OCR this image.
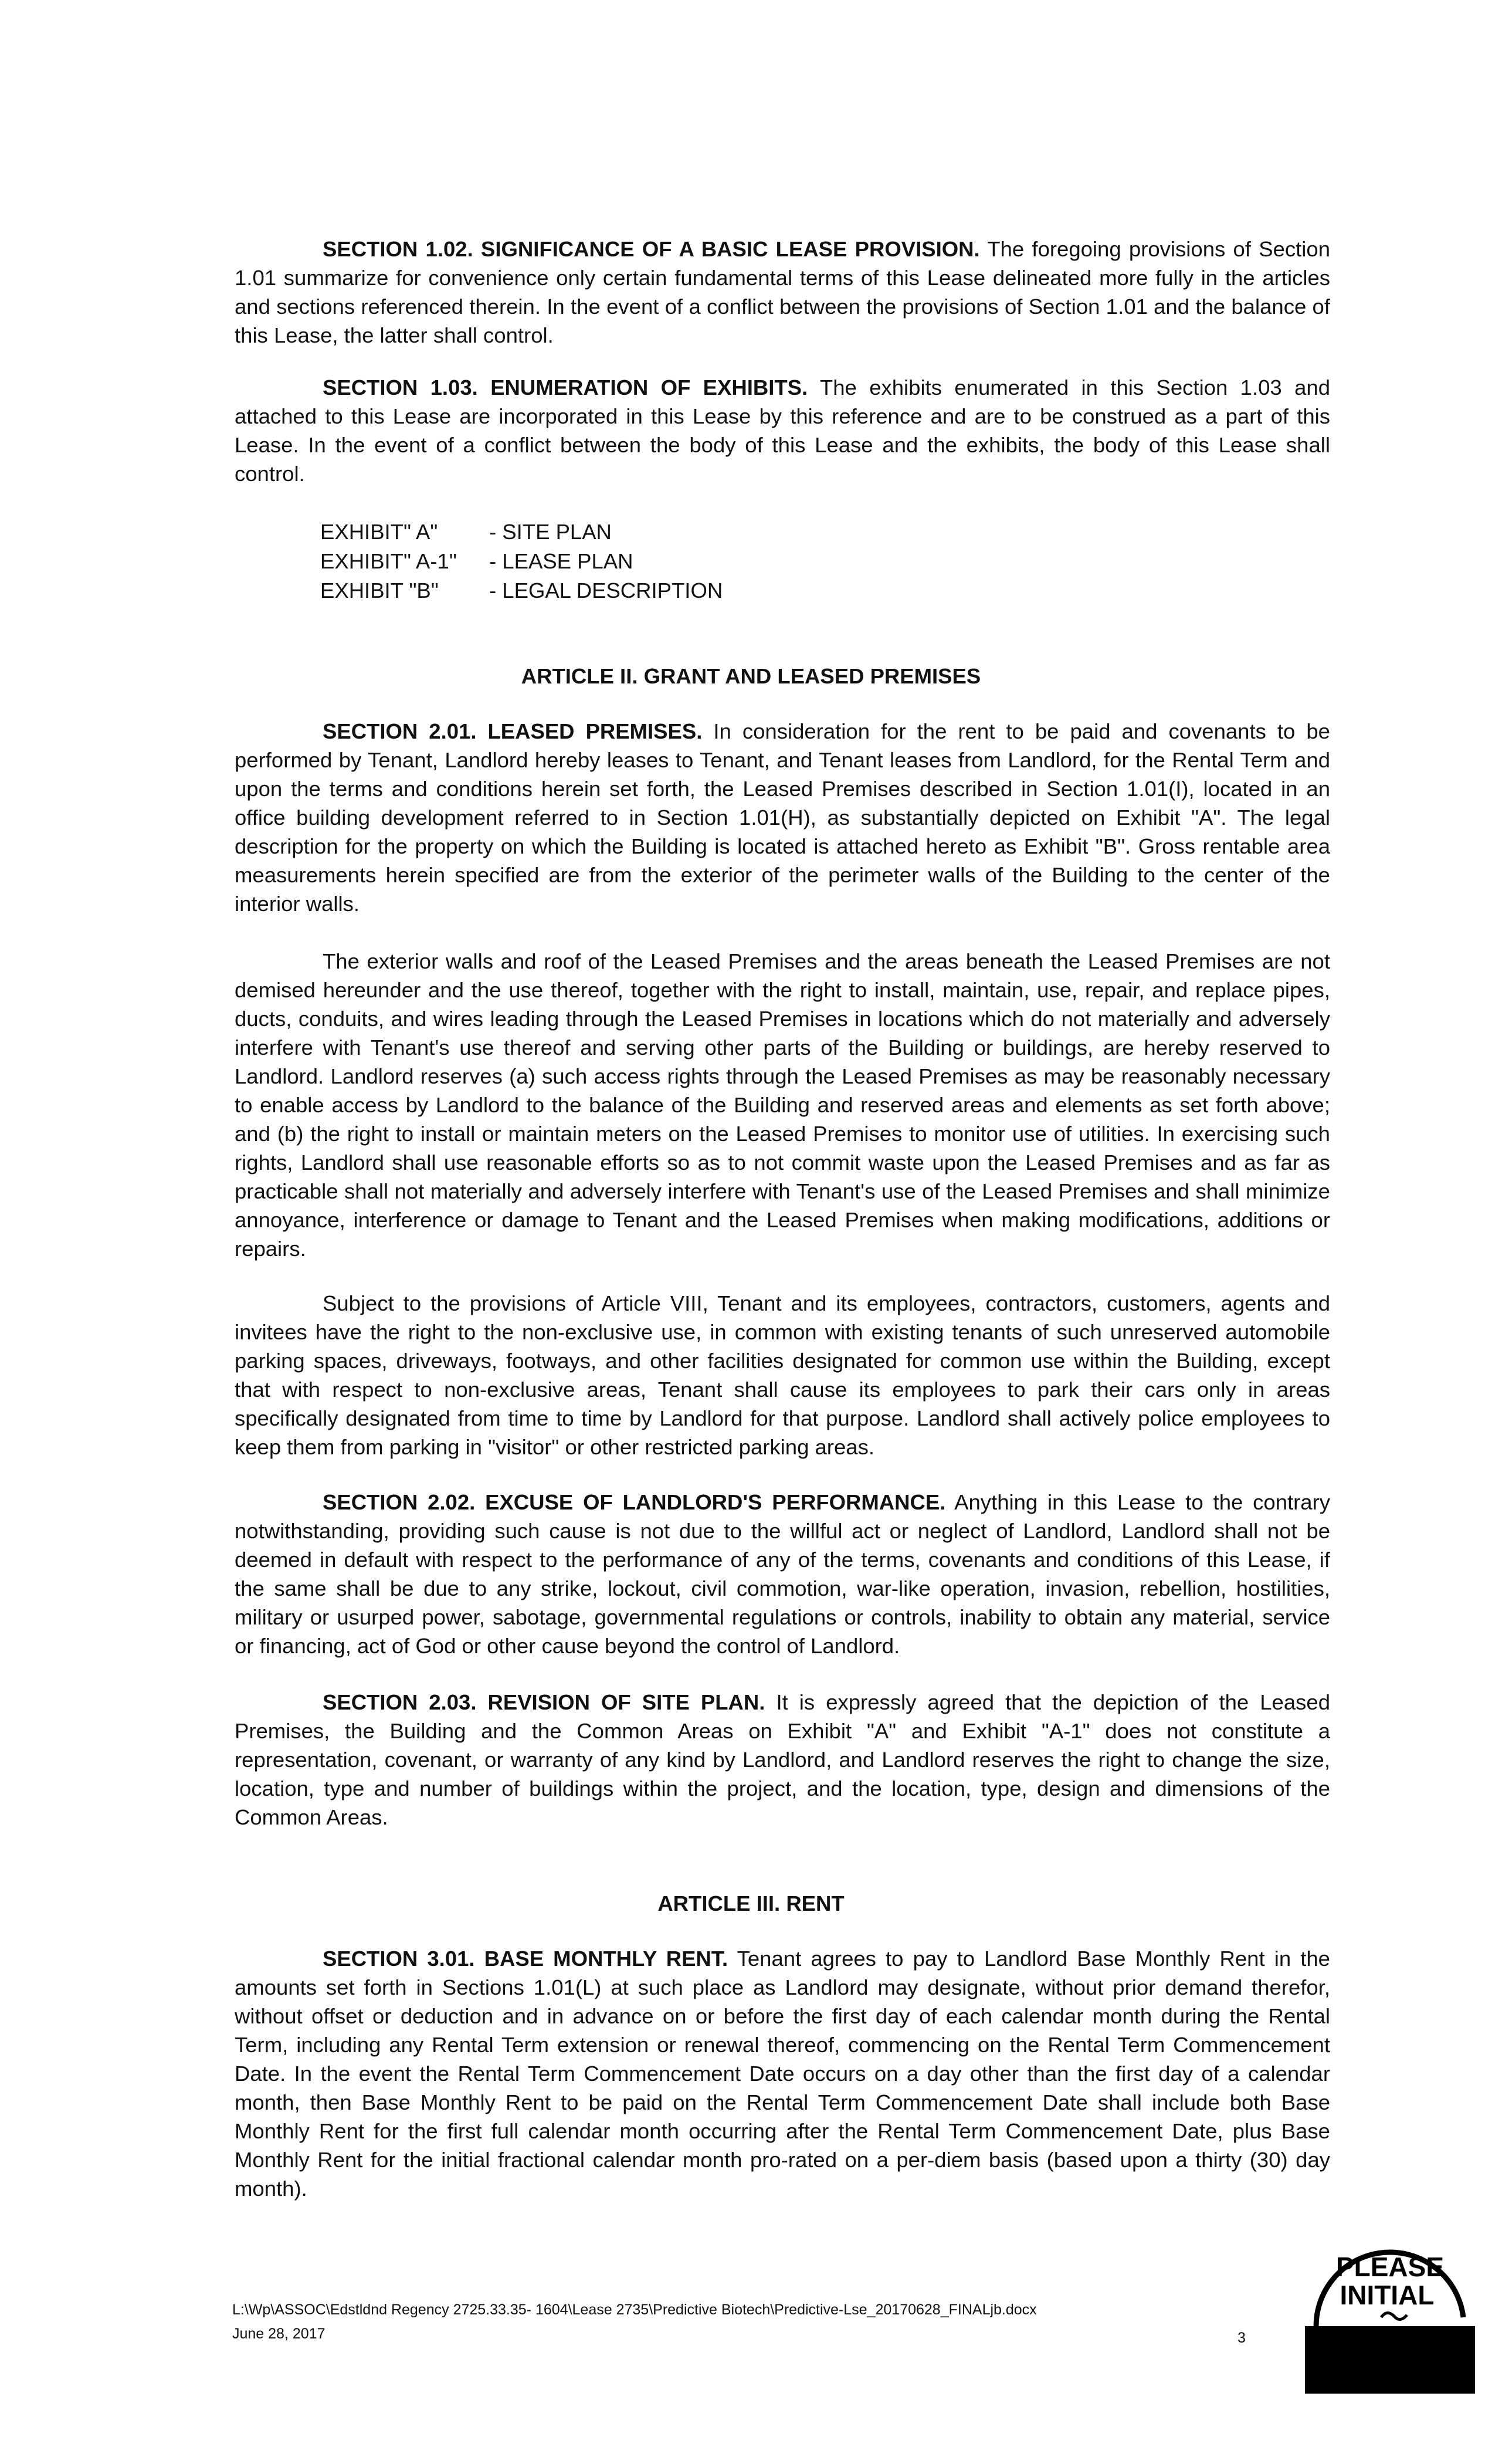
SECTION 1.02. SIGNIFICANCE OF A BASIC LEASE PROVISION. The foregoing provisions of Section 1.01 summarize for convenience only certain fundamental terms of this Lease delineated more fully in the articles and sections referenced therein. In the event of a conflict between the provisions of Section 1.01 and the balance of this Lease, the latter shall control.

SECTION 1.03. ENUMERATION OF EXHIBITS. The exhibits enumerated in this Section 1.03 and attached to this Lease are incorporated in this Lease by this reference and are to be construed as a part of this Lease. In the event of a conflict between the body of this Lease and the exhibits, the body of this Lease shall control.

EXHIBIT" A" - SITE PLAN
EXHIBIT" A-1" - LEASE PLAN
EXHIBIT "B" - LEGAL DESCRIPTION
ARTICLE II. GRANT AND LEASED PREMISES

SECTION 2.01. LEASED PREMISES. In consideration for the rent to be paid and covenants to be performed by Tenant, Landlord hereby leases to Tenant, and Tenant leases from Landlord, for the Rental Term and upon the terms and conditions herein set forth, the Leased Premises described in Section 1.01(I), located in an office building development referred to in Section 1.01(H), as substantially depicted on Exhibit "A". The legal description for the property on which the Building is located is attached hereto as Exhibit "B". Gross rentable area measurements herein specified are from the exterior of the perimeter walls of the Building to the center of the interior walls.

The exterior walls and roof of the Leased Premises and the areas beneath the Leased Premises are not demised hereunder and the use thereof, together with the right to install, maintain, use, repair, and replace pipes, ducts, conduits, and wires leading through the Leased Premises in locations which do not materially and adversely interfere with Tenant's use thereof and serving other parts of the Building or buildings, are hereby reserved to Landlord. Landlord reserves (a) such access rights through the Leased Premises as may be reasonably necessary to enable access by Landlord to the balance of the Building and reserved areas and elements as set forth above; and (b) the right to install or maintain meters on the Leased Premises to monitor use of utilities. In exercising such rights, Landlord shall use reasonable efforts so as to not commit waste upon the Leased Premises and as far as practicable shall not materially and adversely interfere with Tenant's use of the Leased Premises and shall minimize annoyance, interference or damage to Tenant and the Leased Premises when making modifications, additions or repairs.

Subject to the provisions of Article VIII, Tenant and its employees, contractors, customers, agents and invitees have the right to the non-exclusive use, in common with existing tenants of such unreserved automobile parking spaces, driveways, footways, and other facilities designated for common use within the Building, except that with respect to non-exclusive areas, Tenant shall cause its employees to park their cars only in areas specifically designated from time to time by Landlord for that purpose. Landlord shall actively police employees to keep them from parking in "visitor" or other restricted parking areas.

SECTION 2.02. EXCUSE OF LANDLORD'S PERFORMANCE. Anything in this Lease to the contrary notwithstanding, providing such cause is not due to the willful act or neglect of Landlord, Landlord shall not be deemed in default with respect to the performance of any of the terms, covenants and conditions of this Lease, if the same shall be due to any strike, lockout, civil commotion, war-like operation, invasion, rebellion, hostilities, military or usurped power, sabotage, governmental regulations or controls, inability to obtain any material, service or financing, act of God or other cause beyond the control of Landlord.

SECTION 2.03. REVISION OF SITE PLAN. It is expressly agreed that the depiction of the Leased Premises, the Building and the Common Areas on Exhibit "A" and Exhibit "A-1" does not constitute a representation, covenant, or warranty of any kind by Landlord, and Landlord reserves the right to change the size, location, type and number of buildings within the project, and the location, type, design and dimensions of the Common Areas.

ARTICLE III. RENT

SECTION 3.01. BASE MONTHLY RENT. Tenant agrees to pay to Landlord Base Monthly Rent in the amounts set forth in Sections 1.01(L) at such place as Landlord may designate, without prior demand therefor, without offset or deduction and in advance on or before the first day of each calendar month during the Rental Term, including any Rental Term extension or renewal thereof, commencing on the Rental Term Commencement Date. In the event the Rental Term Commencement Date occurs on a day other than the first day of a calendar month, then Base Monthly Rent to be paid on the Rental Term Commencement Date shall include both Base Monthly Rent for the first full calendar month occurring after the Rental Term Commencement Date, plus Base Monthly Rent for the initial fractional calendar month pro-rated on a per-diem basis (based upon a thirty (30) day month).

L:\Wp\ASSOC\Edstldnd Regency 2725.33.35- 1604\Lease 2735\Predictive Biotech\Predictive-Lse_20170628_FINALjb.docx
June 28, 2017	3
PLEASE
INITIAL
